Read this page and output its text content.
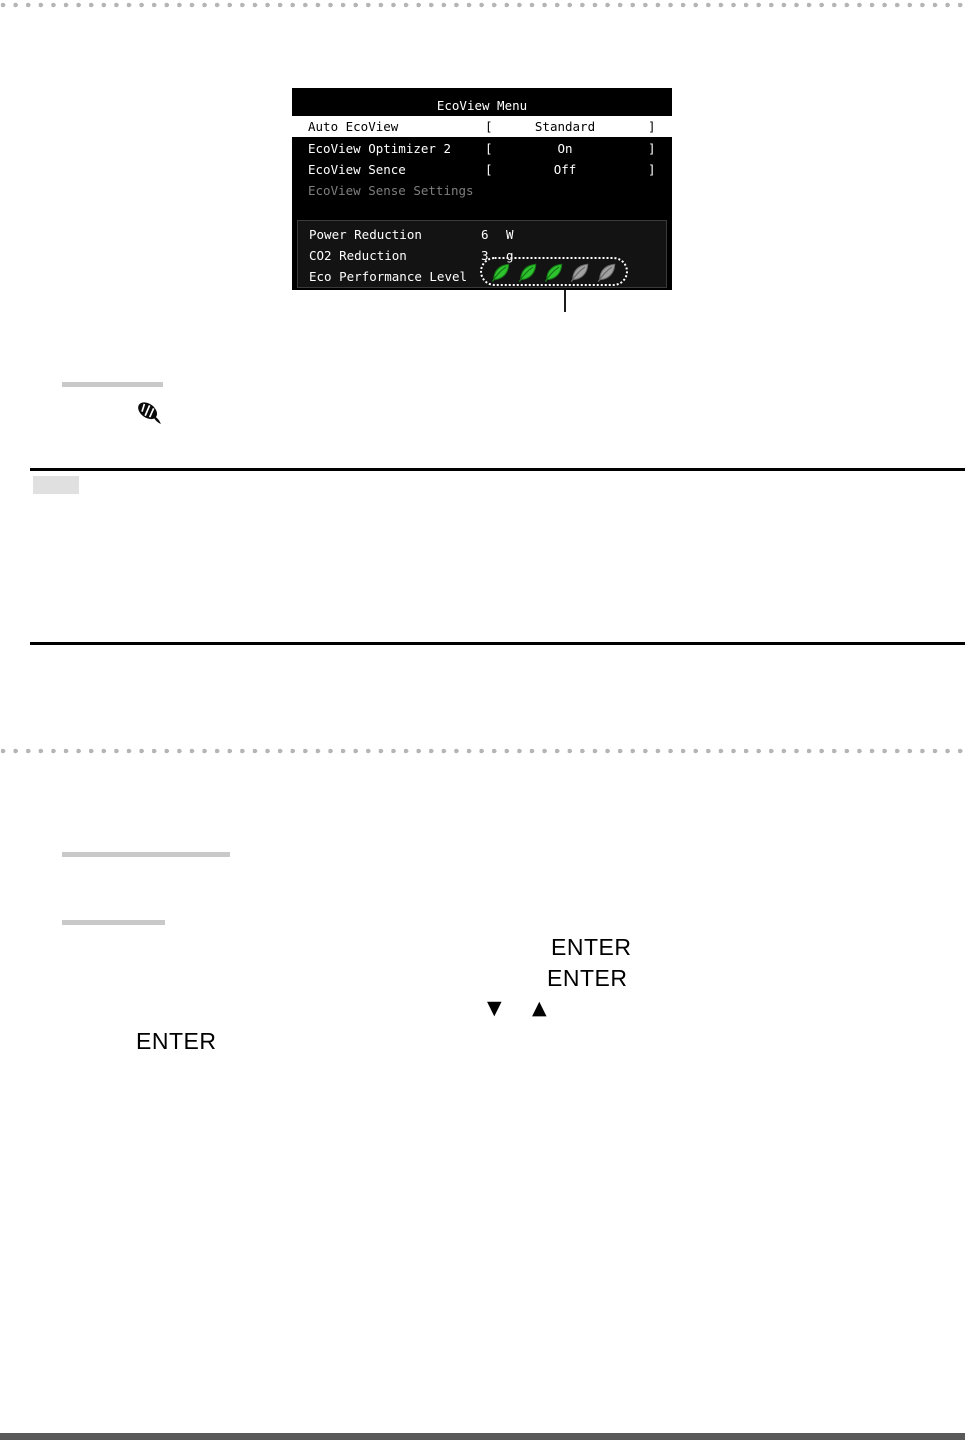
EcoView Menu
Auto EcoView	[	Standard	]
EcoView Optimizer 2	[	On	]
EcoView Sence	[	Off	]
EcoView Sense Settings
Power Reduction	6 W
CO2 Reduction	3 g
Eco Performance Level
ENTER
ENTER
▼ ▲
ENTER
